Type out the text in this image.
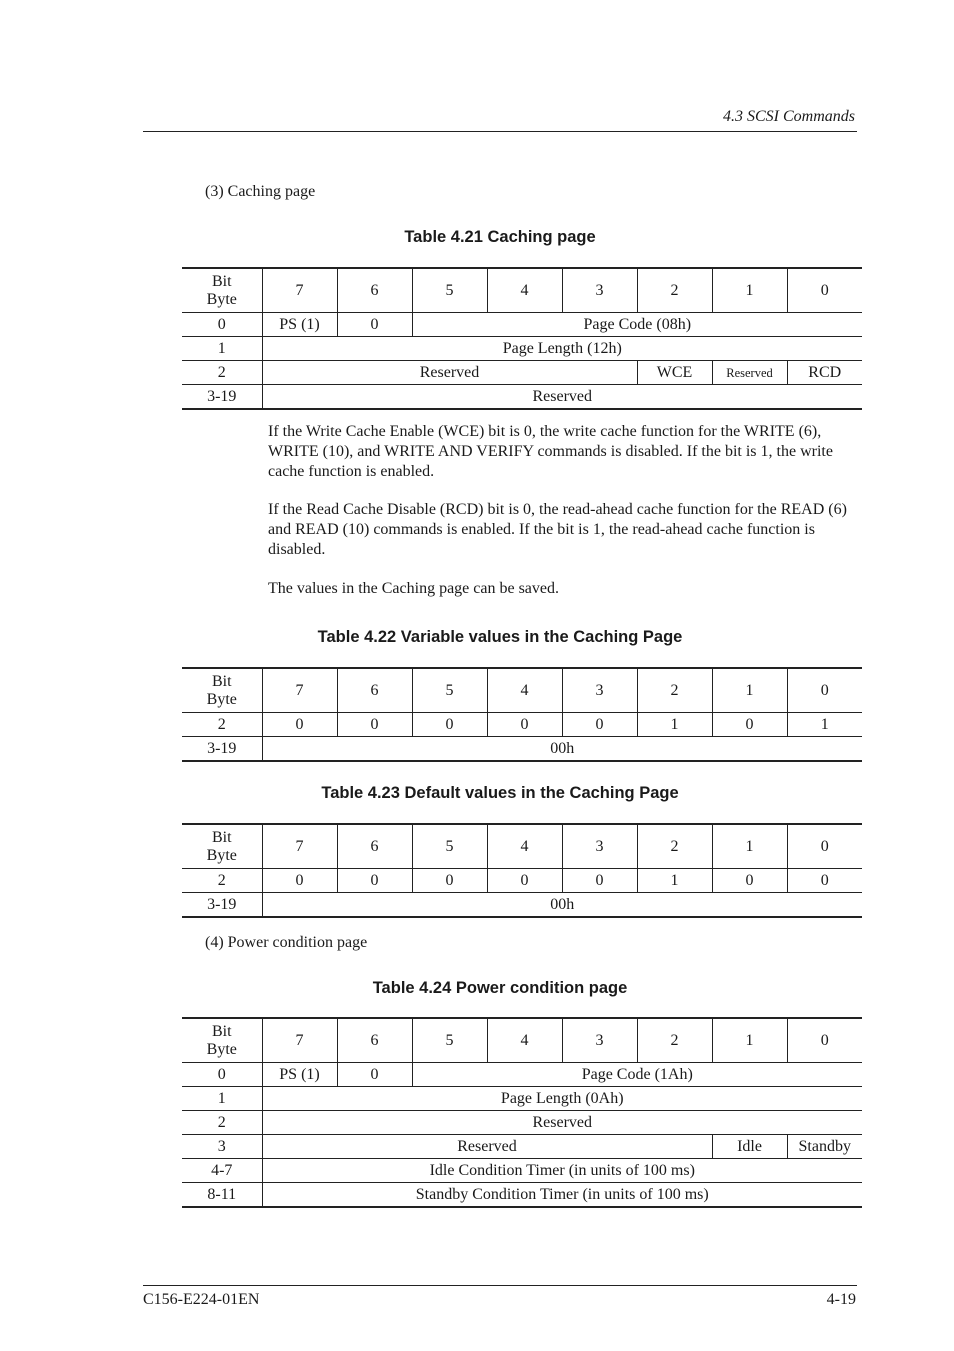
4.3 SCSI Commands
(3) Caching page
Table 4.21 Caching page
Bit
Byte	7	6	5	4	3	2	1	0
0	PS (1)	0	Page Code (08h)					
1	Page Length (12h)							
2	Reserved					WCE	Reserved	RCD
3-19	Reserved							
If the Write Cache Enable (WCE) bit is 0, the write cache function for the WRITE (6), WRITE (10), and WRITE AND VERIFY commands is disabled. If the bit is 1, the write cache function is enabled.
If the Read Cache Disable (RCD) bit is 0, the read-ahead cache function for the READ (6) and READ (10) commands is enabled. If the bit is 1, the read-ahead cache function is disabled.
The values in the Caching page can be saved.
Table 4.22 Variable values in the Caching Page
Bit
Byte	7	6	5	4	3	2	1	0
2	0	0	0	0	0	1	0	1
3-19	00h							
Table 4.23 Default values in the Caching Page
Bit
Byte	7	6	5	4	3	2	1	0
2	0	0	0	0	0	1	0	0
3-19	00h							
(4) Power condition page
Table 4.24 Power condition page
Bit
Byte	7	6	5	4	3	2	1	0
0	PS (1)	0	Page Code (1Ah)					
1	Page Length (0Ah)							
2	Reserved							
3	Reserved						Idle	Standby
4-7	Idle Condition Timer (in units of 100 ms)							
8-11	Standby Condition Timer (in units of 100 ms)							
C156-E224-01EN	4-19
